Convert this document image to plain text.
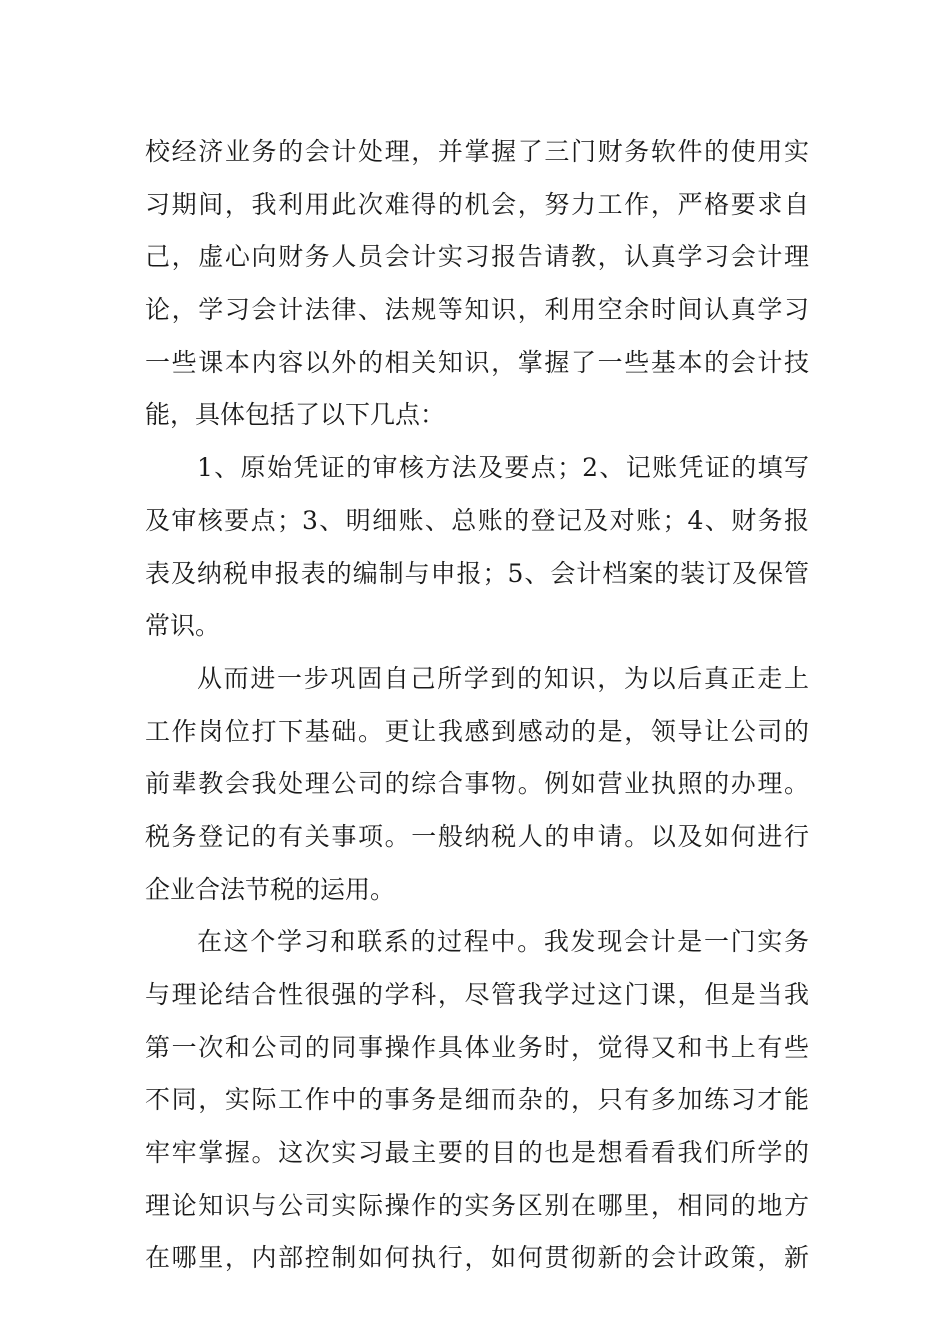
校经济业务的会计处理，并掌握了三门财务软件的使用实
习期间，我利用此次难得的机会，努力工作，严格要求自
己，虚心向财务人员会计实习报告请教，认真学习会计理
论，学习会计法律、法规等知识，利用空余时间认真学习
一些课本内容以外的相关知识，掌握了一些基本的会计技
能，具体包括了以下几点：
1、原始凭证的审核方法及要点；2、记账凭证的填写
及审核要点；3、明细账、总账的登记及对账；4、财务报
表及纳税申报表的编制与申报；5、会计档案的装订及保管
常识。
从而进一步巩固自己所学到的知识，为以后真正走上
工作岗位打下基础。更让我感到感动的是，领导让公司的
前辈教会我处理公司的综合事物。例如营业执照的办理。
税务登记的有关事项。一般纳税人的申请。以及如何进行
企业合法节税的运用。
在这个学习和联系的过程中。我发现会计是一门实务
与理论结合性很强的学科，尽管我学过这门课，但是当我
第一次和公司的同事操作具体业务时，觉得又和书上有些
不同，实际工作中的事务是细而杂的，只有多加练习才能
牢牢掌握。这次实习最主要的目的也是想看看我们所学的
理论知识与公司实际操作的实务区别在哪里，相同的地方
在哪里，内部控制如何执行，如何贯彻新的会计政策，新
